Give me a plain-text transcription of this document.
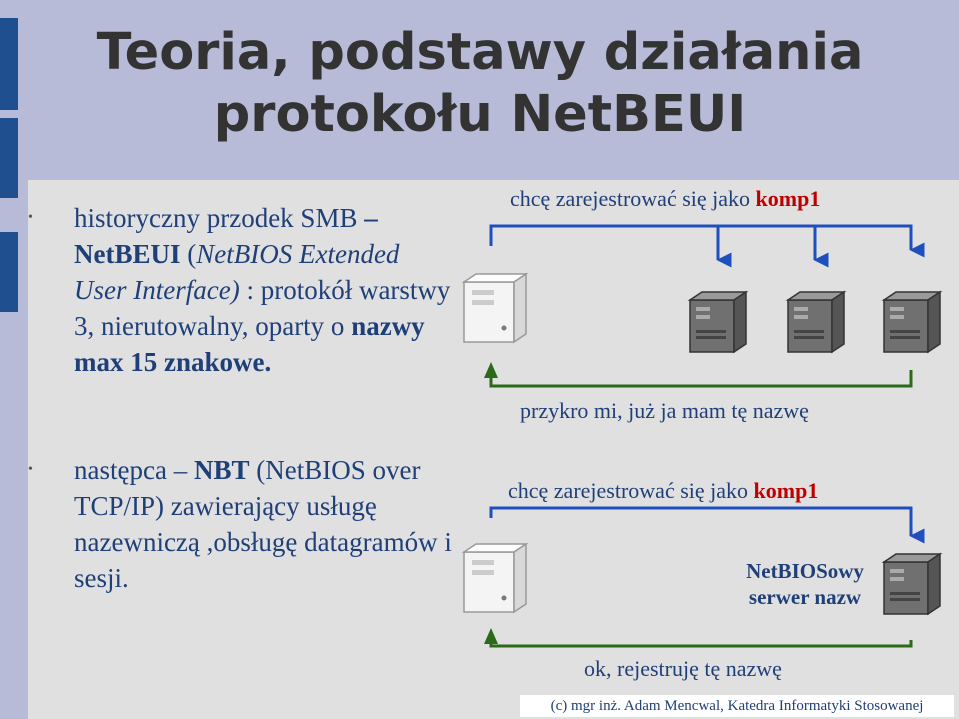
Teoria, podstawy działania
protokołu NetBEUI
• historyczny przodek SMB – NetBEUI (NetBIOS Extended User Interface) : protokół warstwy 3, nierutowalny, oparty o nazwy max 15 znakowe.
• następca – NBT (NetBIOS over TCP/IP) zawierający usługę nazewniczą ,obsługę datagramów i sesji.
chcę zarejestrować się jako komp1
przykro mi, już ja mam tę nazwę
chcę zarejestrować się jako komp1
NetBIOSowy
serwer nazw
ok, rejestruję tę nazwę
(c) mgr inż. Adam Mencwal, Katedra Informatyki Stosowanej
